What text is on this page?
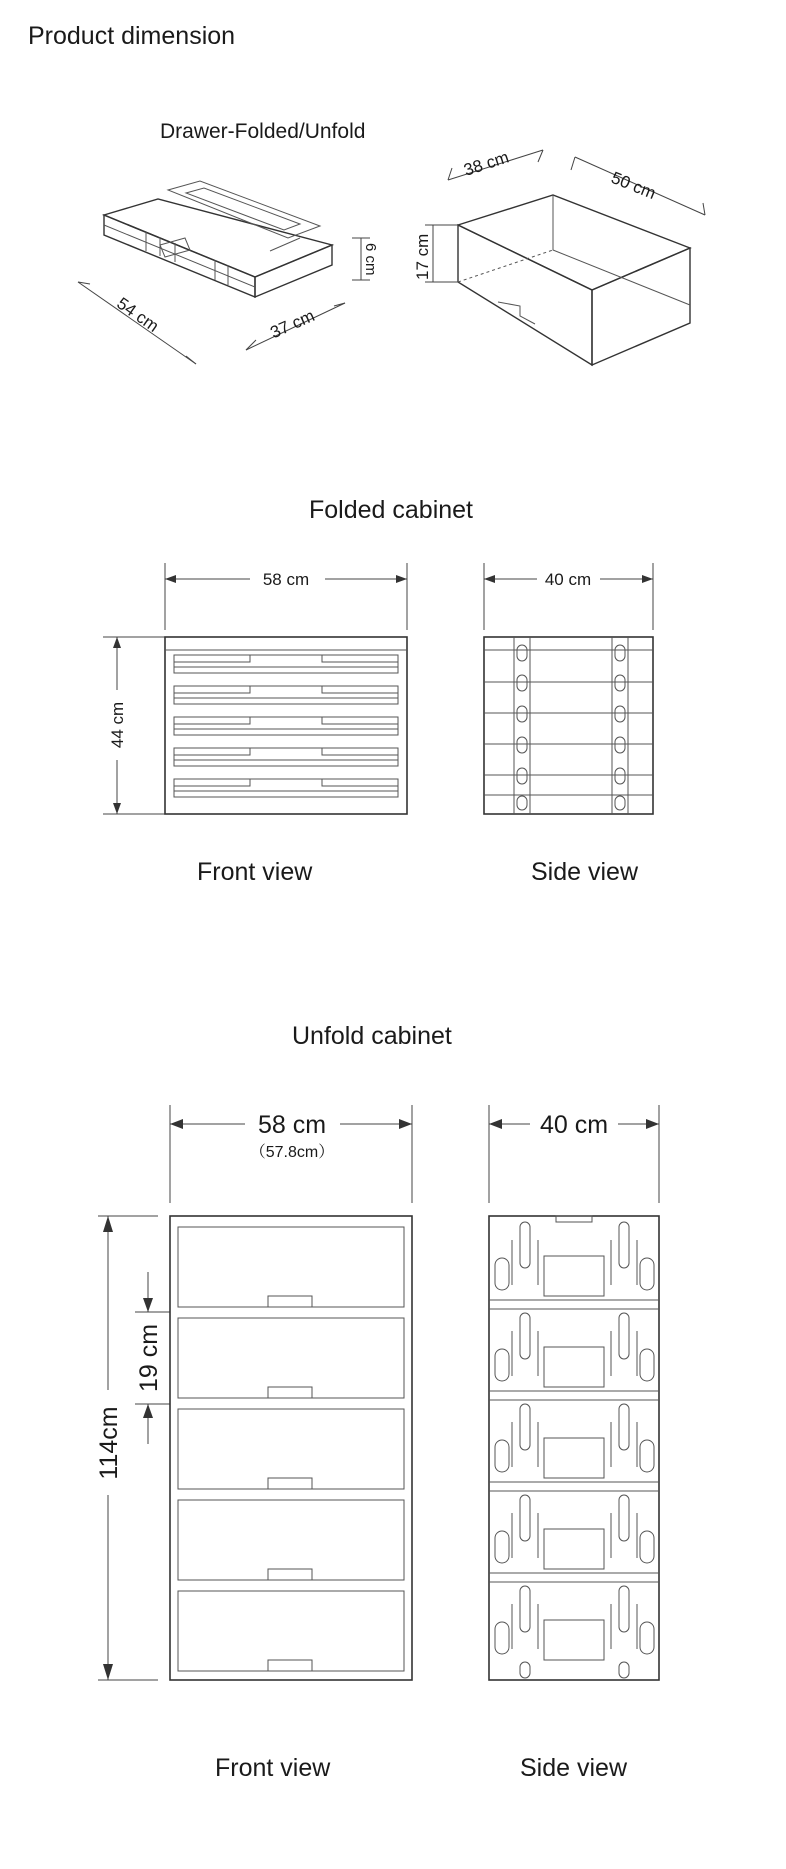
Product dimension
Drawer-Folded/Unfold
54 cm	37 cm
6 cm
38 cm
50 cm
17 cm
Folded cabinet
58 cm
44 cm
40 cm
Front view	Side view
Unfold cabinet
58 cm
（57.8cm）
114cm
19 cm
40 cm
Front view	Side view
